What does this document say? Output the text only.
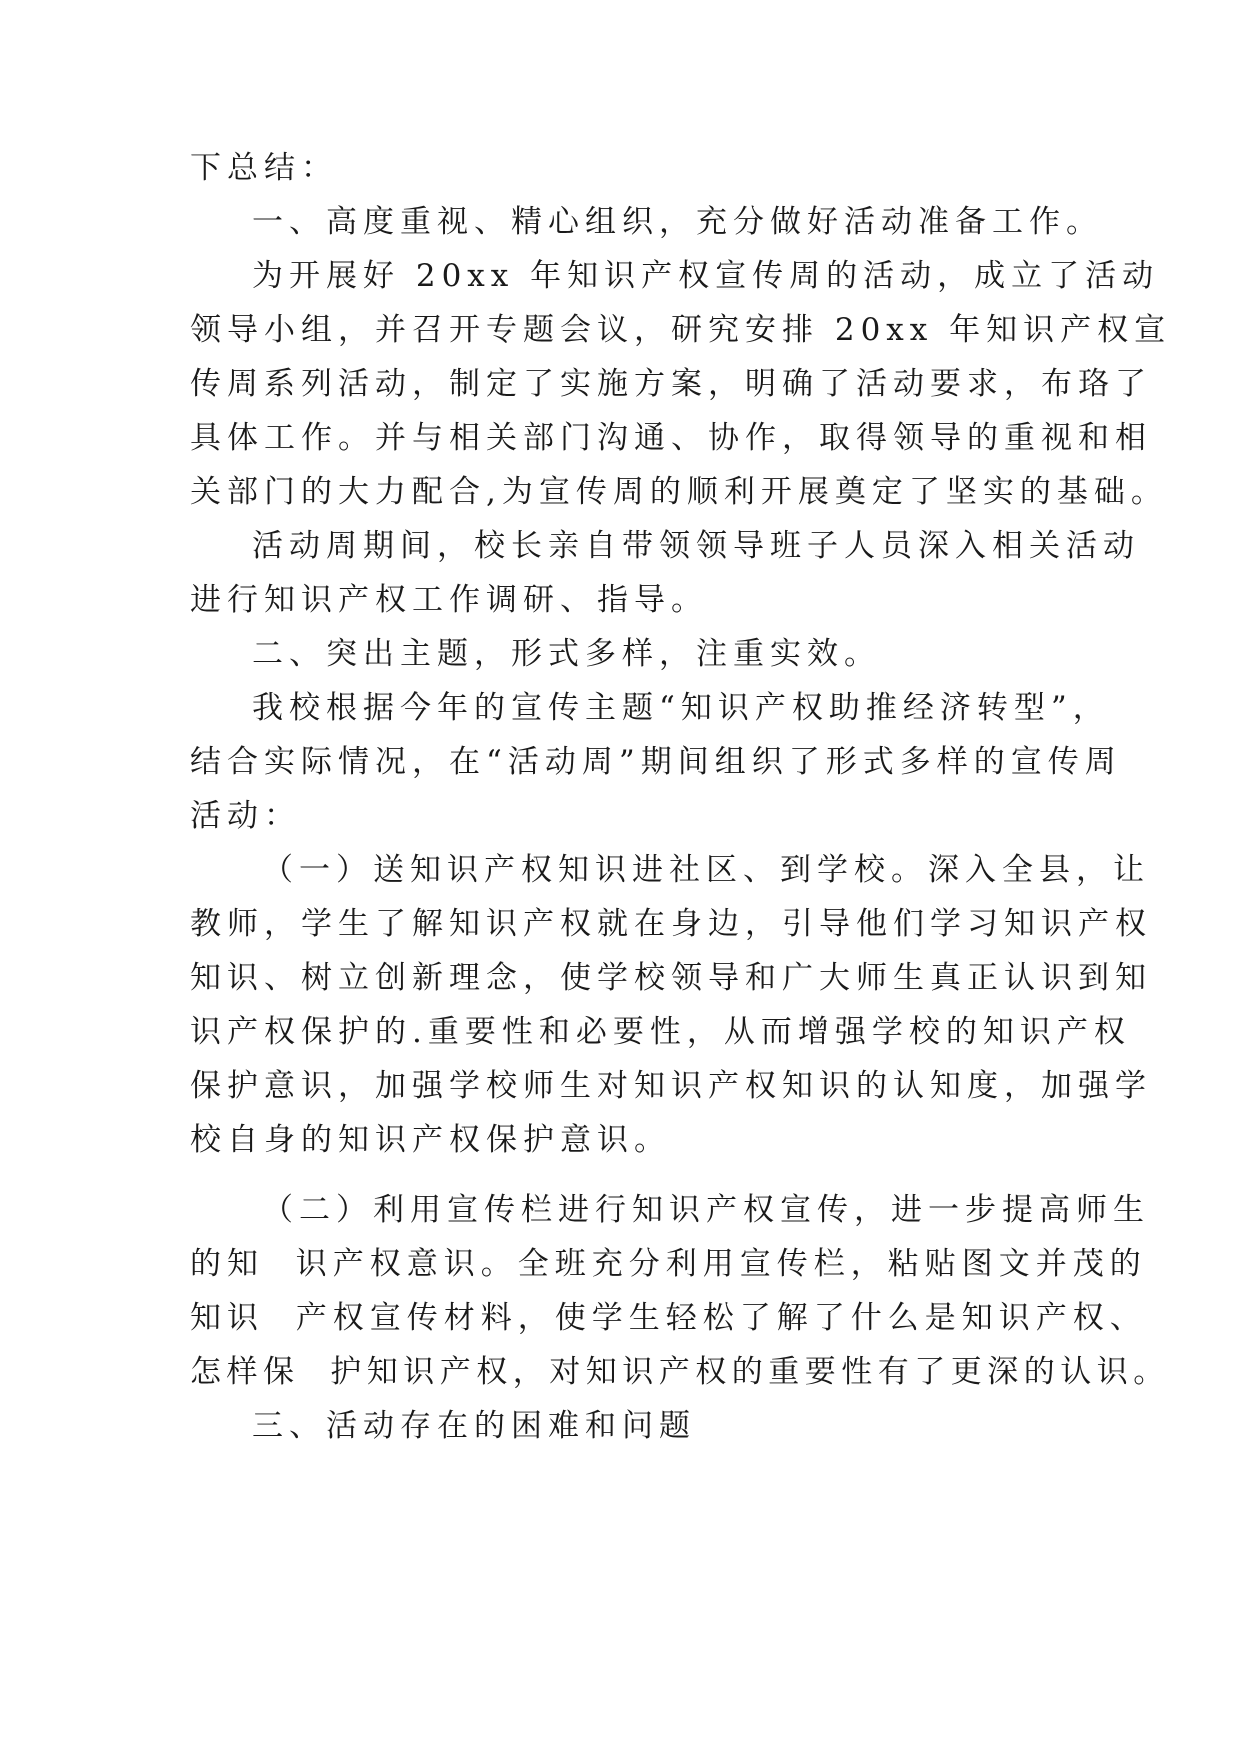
下总结：

一、高度重视、精心组织，充分做好活动准备工作。

为开展好 20xx 年知识产权宣传周的活动，成立了活动

领导小组，并召开专题会议，研究安排 20xx 年知识产权宣

传周系列活动，制定了实施方案，明确了活动要求，布珞了

具体工作。并与相关部门沟通、协作，取得领导的重视和相

关部门的大力配合,为宣传周的顺利开展奠定了坚实的基础。

活动周期间，校长亲自带领领导班子人员深入相关活动

进行知识产权工作调研、指导。

二、突出主题，形式多样，注重实效。

我校根据今年的宣传主题“知识产权助推经济转型”，

结合实际情况，在“活动周”期间组织了形式多样的宣传周

活动：

（一）送知识产权知识进社区、到学校。深入全县，让

教师，学生了解知识产权就在身边，引导他们学习知识产权

知识、树立创新理念，使学校领导和广大师生真正认识到知

识产权保护的.重要性和必要性，从而增强学校的知识产权

保护意识，加强学校师生对知识产权知识的认知度，加强学

校自身的知识产权保护意识。

（二）利用宣传栏进行知识产权宣传，进一步提高师生

的知  识产权意识。全班充分利用宣传栏，粘贴图文并茂的

知识  产权宣传材料，使学生轻松了解了什么是知识产权、

怎样保  护知识产权，对知识产权的重要性有了更深的认识。

三、活动存在的困难和问题
